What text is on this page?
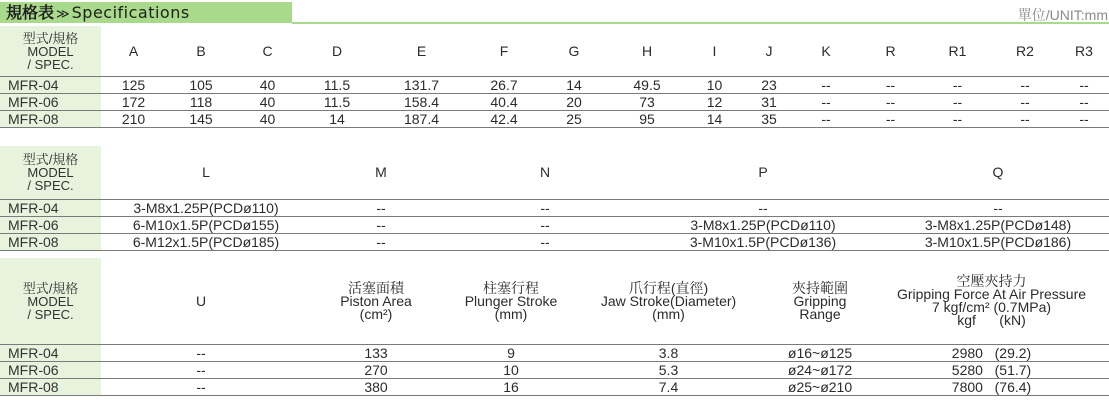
規格表 ≫ Specifications	單位/UNIT:mm
型式/規格
MODEL
/ SPEC.	A	B	C	D	E	F	G	H	I	J	K	R	R1	R2	R3
MFR-04	125	105	40	11.5	131.7	26.7	14	49.5	10	23	--	--	--	--	--
MFR-06	172	118	40	11.5	158.4	40.4	20	73	12	31	--	--	--	--	--
MFR-08	210	145	40	14	187.4	42.4	25	95	14	35	--	--	--	--	--
型式/規格
MODEL
/ SPEC.	L	M	N	P	Q
MFR-04	3-M8x1.25P(PCDø110)	--	--	--	--
MFR-06	6-M10x1.5P(PCDø155)	--	--	3-M8x1.25P(PCDø110)	3-M8x1.25P(PCDø148)
MFR-08	6-M12x1.5P(PCDø185)	--	--	3-M10x1.5P(PCDø136)	3-M10x1.5P(PCDø186)
型式/規格
MODEL
/ SPEC.	U	活塞面積
Piston Area
(cm²)	柱塞行程
Plunger Stroke
(mm)	爪行程(直徑)
Jaw Stroke(Diameter)
(mm)	夾持範圍
Gripping
Range	空壓夾持力
Gripping Force At Air Pressure
7 kgf/cm² (0.7MPa)
kgf (kN)

MFR-04	--	133	9	3.8	ø16~ø125	2980 (29.2)
MFR-06	--	270	10	5.3	ø24~ø172	5280 (51.7)
MFR-08	--	380	16	7.4	ø25~ø210	7800 (76.4)
